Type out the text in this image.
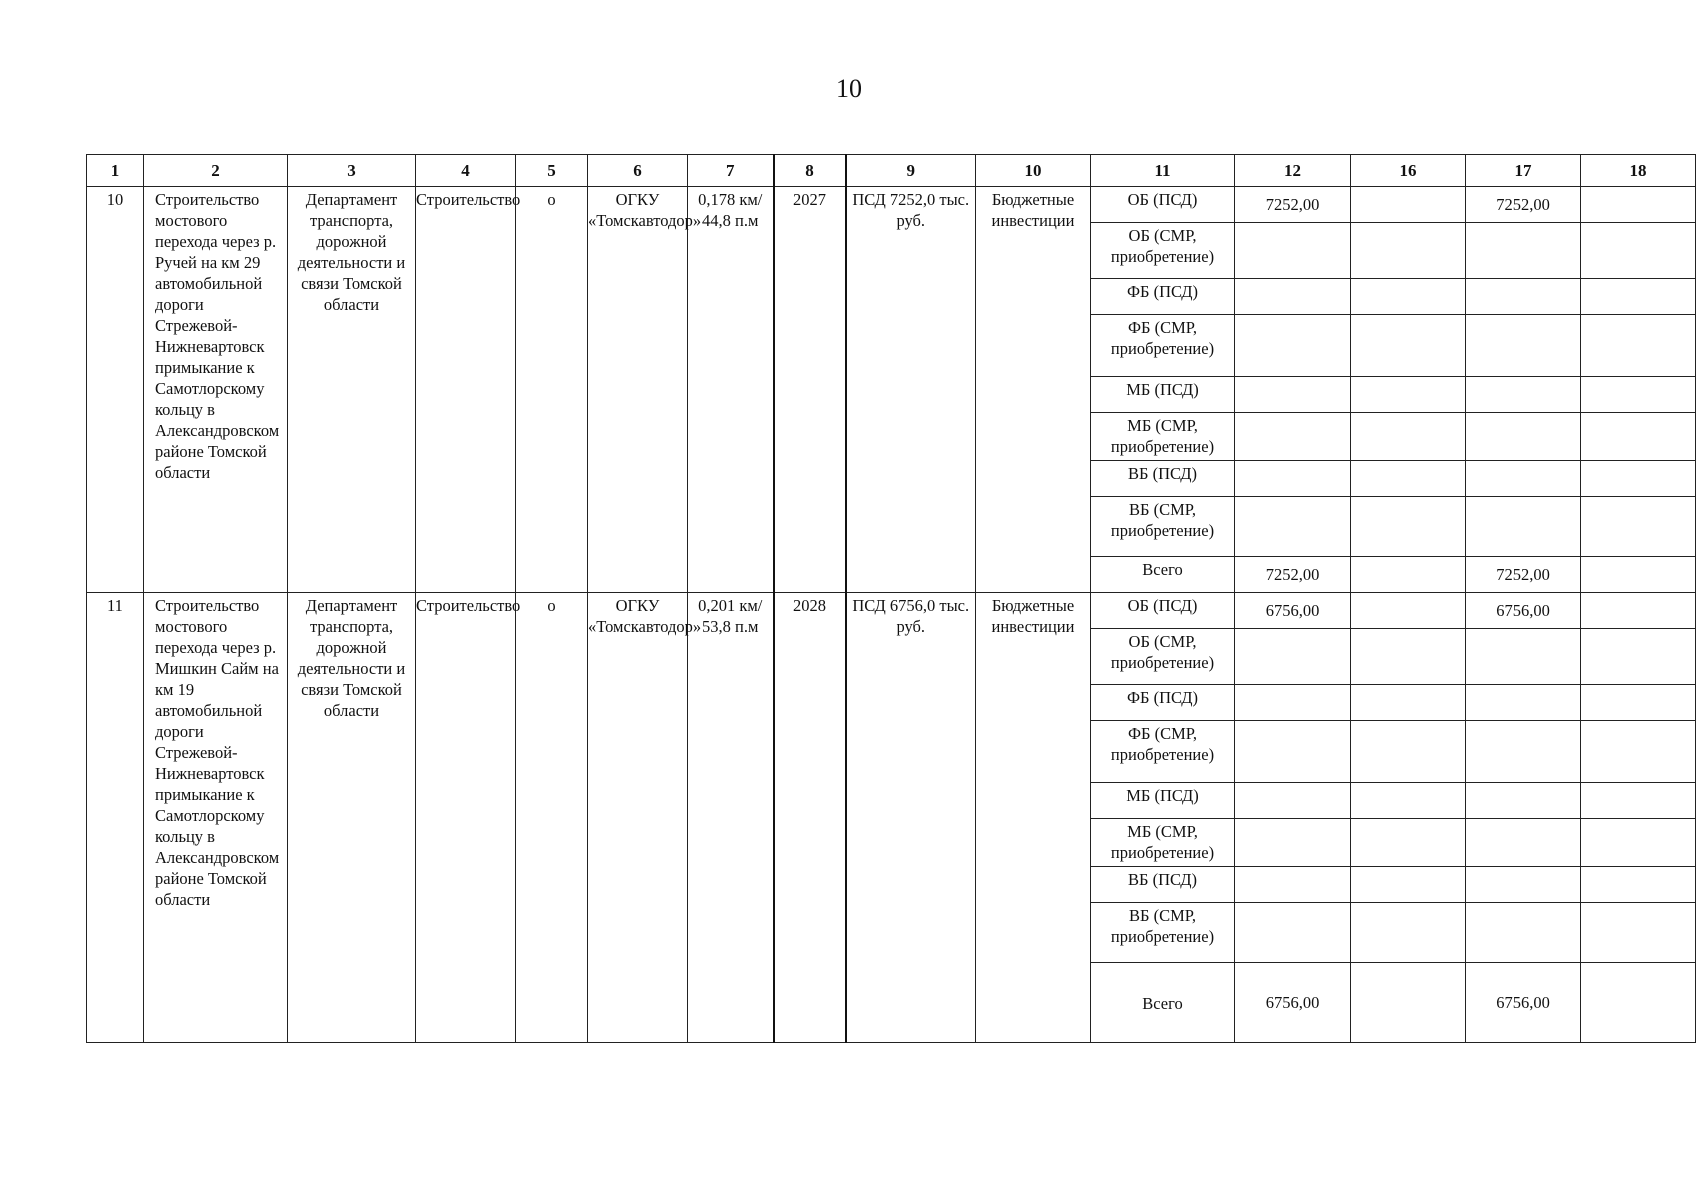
10
1	2	3	4	5	6	7	8	9	10	11	12	16	17	18
10	Строительство мостового перехода через р. Ручей на км 29 автомобильной дороги Стрежевой-Нижневартовск примыкание к Самотлорскому кольцу в Александровском районе Томской области	Департамент транспорта, дорожной деятельности и связи Томской области	Строительство	о	ОГКУ «Томскавтодор»	0,178 км/ 44,8 п.м	2027	ПСД 7252,0 тыс. руб.	Бюджетные инвестиции	ОБ (ПСД)	7252,00		7252,00	
										ОБ (СМР, приобретение)				
										ФБ (ПСД)				
										ФБ (СМР, приобретение)				
										МБ (ПСД)				
										МБ (СМР, приобретение)				
										ВБ (ПСД)				
										ВБ (СМР, приобретение)				
										Всего	7252,00		7252,00	
11	Строительство мостового перехода через р. Мишкин Сайм на км 19 автомобильной дороги Стрежевой-Нижневартовск примыкание к Самотлорскому кольцу в Александровском районе Томской области	Департамент транспорта, дорожной деятельности и связи Томской области	Строительство	о	ОГКУ «Томскавтодор»	0,201 км/ 53,8 п.м	2028	ПСД 6756,0 тыс. руб.	Бюджетные инвестиции	ОБ (ПСД)	6756,00		6756,00	
										ОБ (СМР, приобретение)				
										ФБ (ПСД)				
										ФБ (СМР, приобретение)				
										МБ (ПСД)				
										МБ (СМР, приобретение)				
										ВБ (ПСД)				
										ВБ (СМР, приобретение)				
										Всего	6756,00		6756,00	
